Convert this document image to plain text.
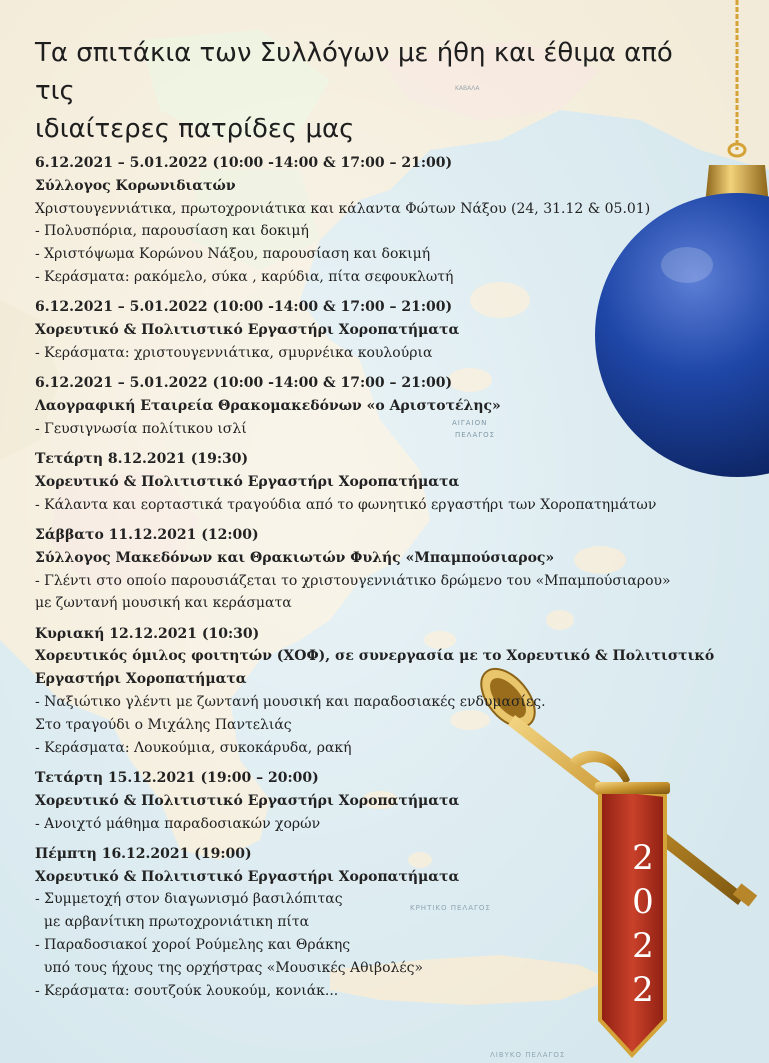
ΑΙΓΑΙΟΝ
ΠΕΛΑΓΟΣ
ΚΡΗΤΙΚΟ ΠΕΛΑΓΟΣ
ΛΙΒΥΚΟ ΠΕΛΑΓΟΣ
ΚΑΒΑΛΑ
2
0
2
2
Τα σπιτάκια των Συλλόγων με ήθη και έθιμα από τις
ιδιαίτερες πατρίδες μας
6.12.2021 – 5.01.2022 (10:00 -14:00 & 17:00 – 21:00)
Σύλλογος Κορωνιδιατών
Χριστουγεννιάτικα, πρωτοχρονιάτικα και κάλαντα Φώτων Νάξου (24, 31.12 & 05.01)
- Πολυσπόρια, παρουσίαση και δοκιμή
- Χριστόψωμα Κορώνου Νάξου, παρουσίαση και δοκιμή
- Κεράσματα: ρακόμελο, σύκα , καρύδια, πίτα σεφουκλωτή
6.12.2021 – 5.01.2022 (10:00 -14:00 & 17:00 – 21:00)
Χορευτικό & Πολιτιστικό Εργαστήρι Χοροπατήματα
- Κεράσματα: χριστουγεννιάτικα, σμυρνέικα κουλούρια
6.12.2021 – 5.01.2022 (10:00 -14:00 & 17:00 – 21:00)
Λαογραφική Εταιρεία Θρακομακεδόνων «ο Αριστοτέλης»
- Γευσιγνωσία πολίτικου ισλί
Τετάρτη 8.12.2021 (19:30)
Χορευτικό & Πολιτιστικό Εργαστήρι Χοροπατήματα
- Κάλαντα και εορταστικά τραγούδια από το φωνητικό εργαστήρι των Χοροπατημάτων
Σάββατο 11.12.2021 (12:00)
Σύλλογος Μακεδόνων και Θρακιωτών Φυλής «Μπαμπούσιαρος»
- Γλέντι στο οποίο παρουσιάζεται το χριστουγεννιάτικο δρώμενο του «Μπαμπούσιαρου»
με ζωντανή μουσική και κεράσματα
Κυριακή 12.12.2021 (10:30)
Χορευτικός όμιλος φοιτητών (ΧΟΦ), σε συνεργασία με το Χορευτικό & Πολιτιστικό
Εργαστήρι Χοροπατήματα
- Ναξιώτικο γλέντι με ζωντανή μουσική και παραδοσιακές ενδυμασίες.
Στο τραγούδι ο Μιχάλης Παντελιάς
- Κεράσματα: Λουκούμια, συκοκάρυδα, ρακή
Τετάρτη 15.12.2021 (19:00 – 20:00)
Χορευτικό & Πολιτιστικό Εργαστήρι Χοροπατήματα
- Ανοιχτό μάθημα παραδοσιακών χορών
Πέμπτη 16.12.2021 (19:00)
Χορευτικό & Πολιτιστικό Εργαστήρι Χοροπατήματα
- Συμμετοχή στον διαγωνισμό βασιλόπιτας
με αρβανίτικη πρωτοχρονιάτικη πίτα
- Παραδοσιακοί χοροί Ρούμελης και Θράκης
υπό τους ήχους της ορχήστρας «Μουσικές Αθιβολές»
- Κεράσματα: σουτζούκ λουκούμ, κονιάκ...
